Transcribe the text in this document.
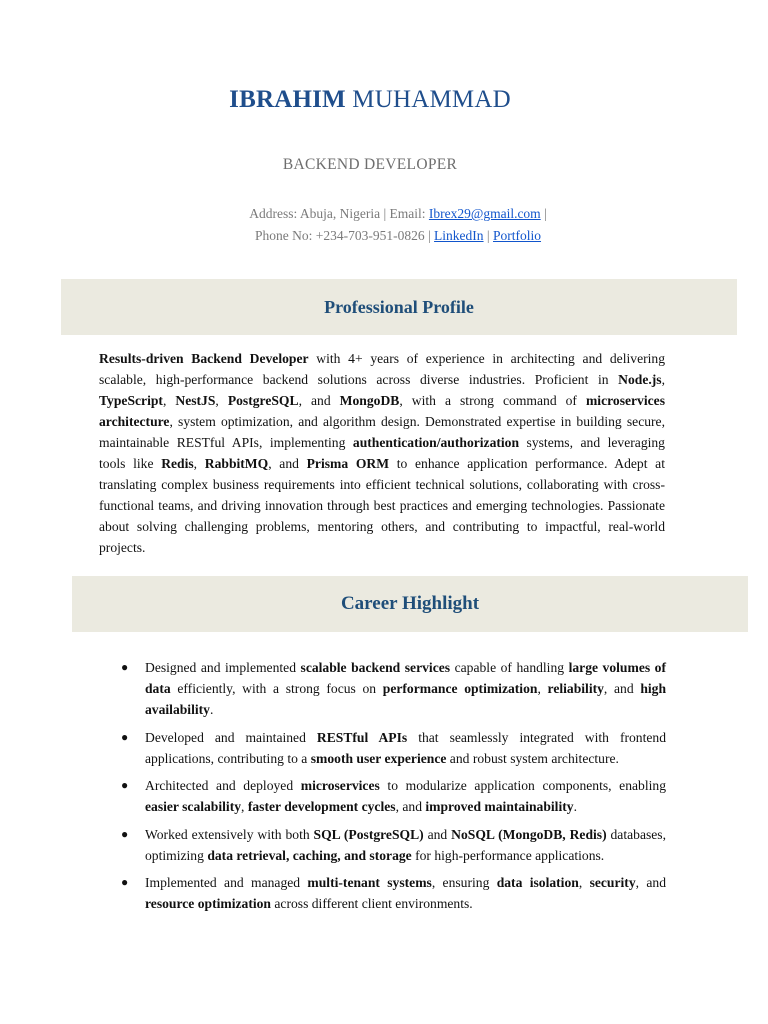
IBRAHIM MUHAMMAD
BACKEND DEVELOPER
Address: Abuja, Nigeria | Email: Ibrex29@gmail.com |
Phone No: +234-703-951-0826 | LinkedIn | Portfolio
Professional Profile
Results-driven Backend Developer with 4+ years of experience in architecting and delivering scalable, high-performance backend solutions across diverse industries. Proficient in Node.js, TypeScript, NestJS, PostgreSQL, and MongoDB, with a strong command of microservices architecture, system optimization, and algorithm design. Demonstrated expertise in building secure, maintainable RESTful APIs, implementing authentication/authorization systems, and leveraging tools like Redis, RabbitMQ, and Prisma ORM to enhance application performance. Adept at translating complex business requirements into efficient technical solutions, collaborating with cross-functional teams, and driving innovation through best practices and emerging technologies. Passionate about solving challenging problems, mentoring others, and contributing to impactful, real-world projects.
Career Highlight
● Designed and implemented scalable backend services capable of handling large volumes of data efficiently, with a strong focus on performance optimization, reliability, and high availability.
● Developed and maintained RESTful APIs that seamlessly integrated with frontend applications, contributing to a smooth user experience and robust system architecture.
● Architected and deployed microservices to modularize application components, enabling easier scalability, faster development cycles, and improved maintainability.
● Worked extensively with both SQL (PostgreSQL) and NoSQL (MongoDB, Redis) databases, optimizing data retrieval, caching, and storage for high-performance applications.
● Implemented and managed multi-tenant systems, ensuring data isolation, security, and resource optimization across different client environments.
